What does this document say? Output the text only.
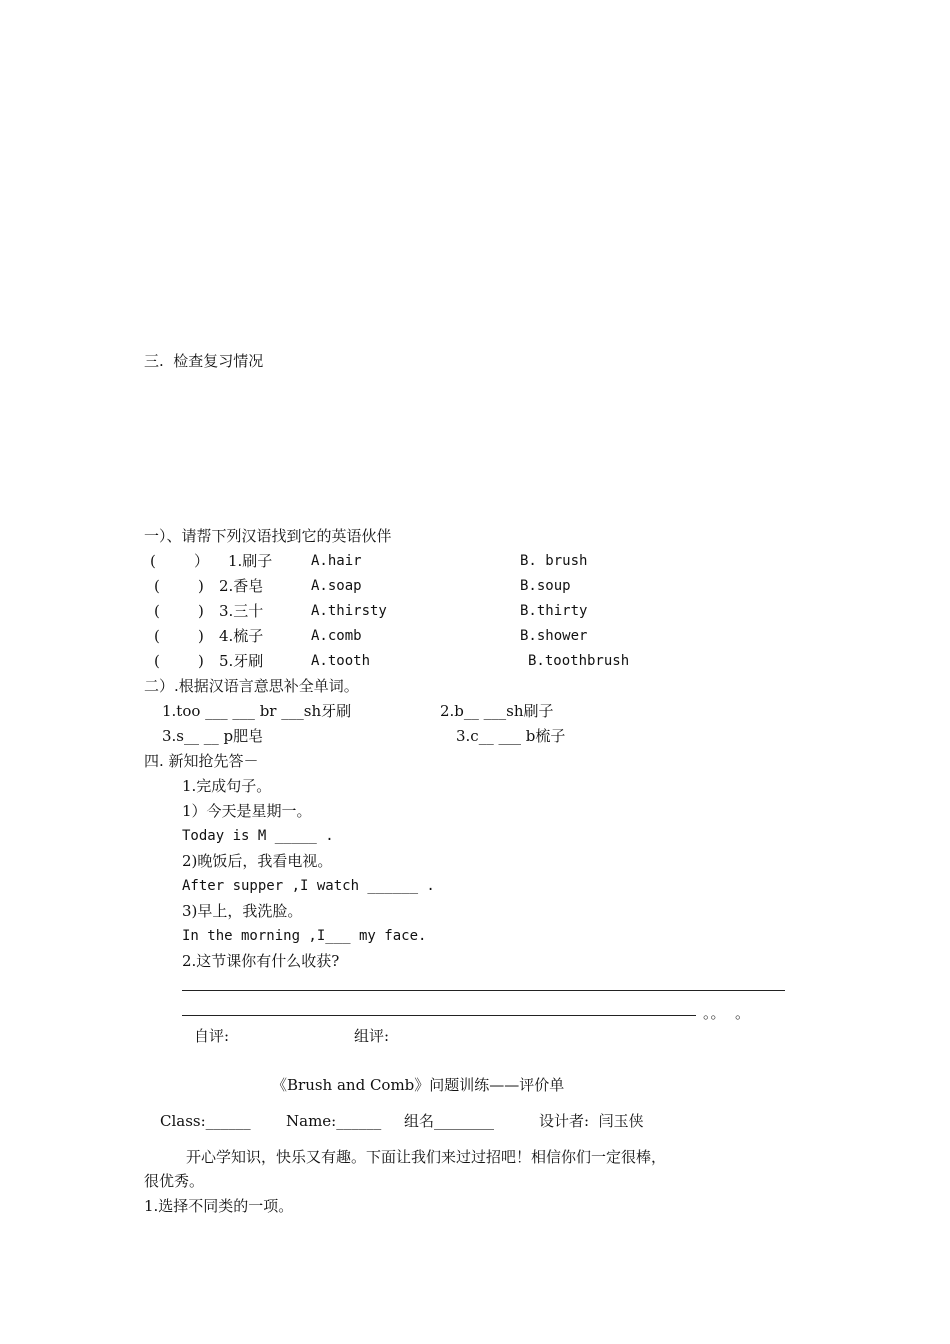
三.  检查复习情况
一）、请帮下列汉语找到它的英语伙伴
(        ） 1.刷子	A.hair	B. brush
(        ) 2.香皂	A.soap	B.soup
(        ) 3.三十	A.thirsty	B.thirty
(        ) 4.梳子	A.comb	B.shower
(        ) 5.牙刷	A.tooth	B.toothbrush
二）.根据汉语言意思补全单词。
1.too ___ ___ br ___sh牙刷	2.b__ ___sh刷子
3.s__ __ p肥皂	3.c__ ___ b梳子
四. 新知抢先答－
1.完成句子。
1）今天是星期一。
Today is M _____ .
2)晚饭后，我看电视。
After supper ,I watch ______ .
3)早上，我洗脸。
In the morning ,I___ my face.
2.这节课你有什么收获?
。。  。
自评:	组评:
《Brush and Comb》问题训练——评价单
Class:______ Name:______ 组名________	设计者:  闫玉侠
开心学知识，快乐又有趣。下面让我们来过过招吧！相信你们一定很棒，
很优秀。
1.选择不同类的一项。
